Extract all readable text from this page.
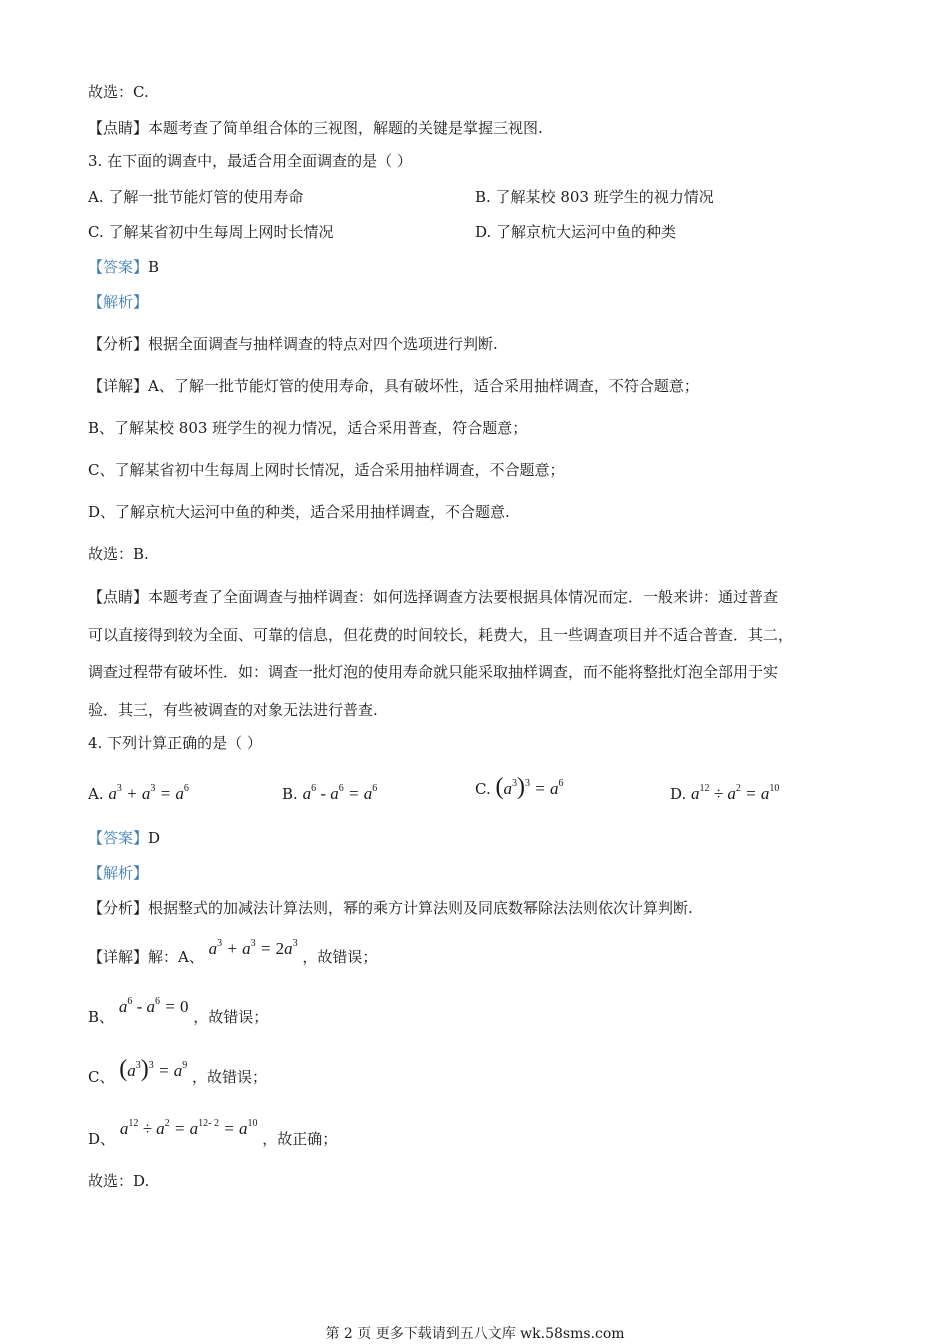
故选：C.
【点睛】本题考查了简单组合体的三视图，解题的关键是掌握三视图.
3. 在下面的调查中，最适合用全面调查的是（ ）
A. 了解一批节能灯管的使用寿命	B. 了解某校 803 班学生的视力情况
C. 了解某省初中生每周上网时长情况	D. 了解京杭大运河中鱼的种类
【答案】B
【解析】
【分析】根据全面调查与抽样调查的特点对四个选项进行判断.
【详解】A、了解一批节能灯管的使用寿命，具有破坏性，适合采用抽样调查，不符合题意；
B、了解某校 803 班学生的视力情况，适合采用普查，符合题意；
C、了解某省初中生每周上网时长情况，适合采用抽样调查，不合题意；
D、了解京杭大运河中鱼的种类，适合采用抽样调查，不合题意.
故选：B.
【点睛】本题考查了全面调查与抽样调查：如何选择调查方法要根据具体情况而定．一般来讲：通过普查
可以直接得到较为全面、可靠的信息，但花费的时间较长，耗费大，且一些调查项目并不适合普查．其二，
调查过程带有破坏性．如：调查一批灯泡的使用寿命就只能采取抽样调查，而不能将整批灯泡全部用于实
验．其三，有些被调查的对象无法进行普查.
4. 下列计算正确的是（ ）
A. $a^3 + a^3 = a^6$	B. $a^6 - a^6 = a^6$	C. $(a^3)^3 = a^6$
D. $a^{12} \div a^2 = a^{10}$
【答案】D
【解析】
【分析】根据整式的加减法计算法则，幂的乘方计算法则及同底数幂除法法则依次计算判断.
【详解】解：A、 $a^3 + a^3 = 2a^3$ ，故错误；
B、 $a^6 - a^6 = 0$ ，故错误；
C、 $(a^3)^3 = a^9$ ，故错误；
D、 $a^{12} \div a^2 = a^{12- 2} = a^{10}$ ，故正确；
故选：D.
第 2 页 更多下载请到五八文库 wk.58sms.com
